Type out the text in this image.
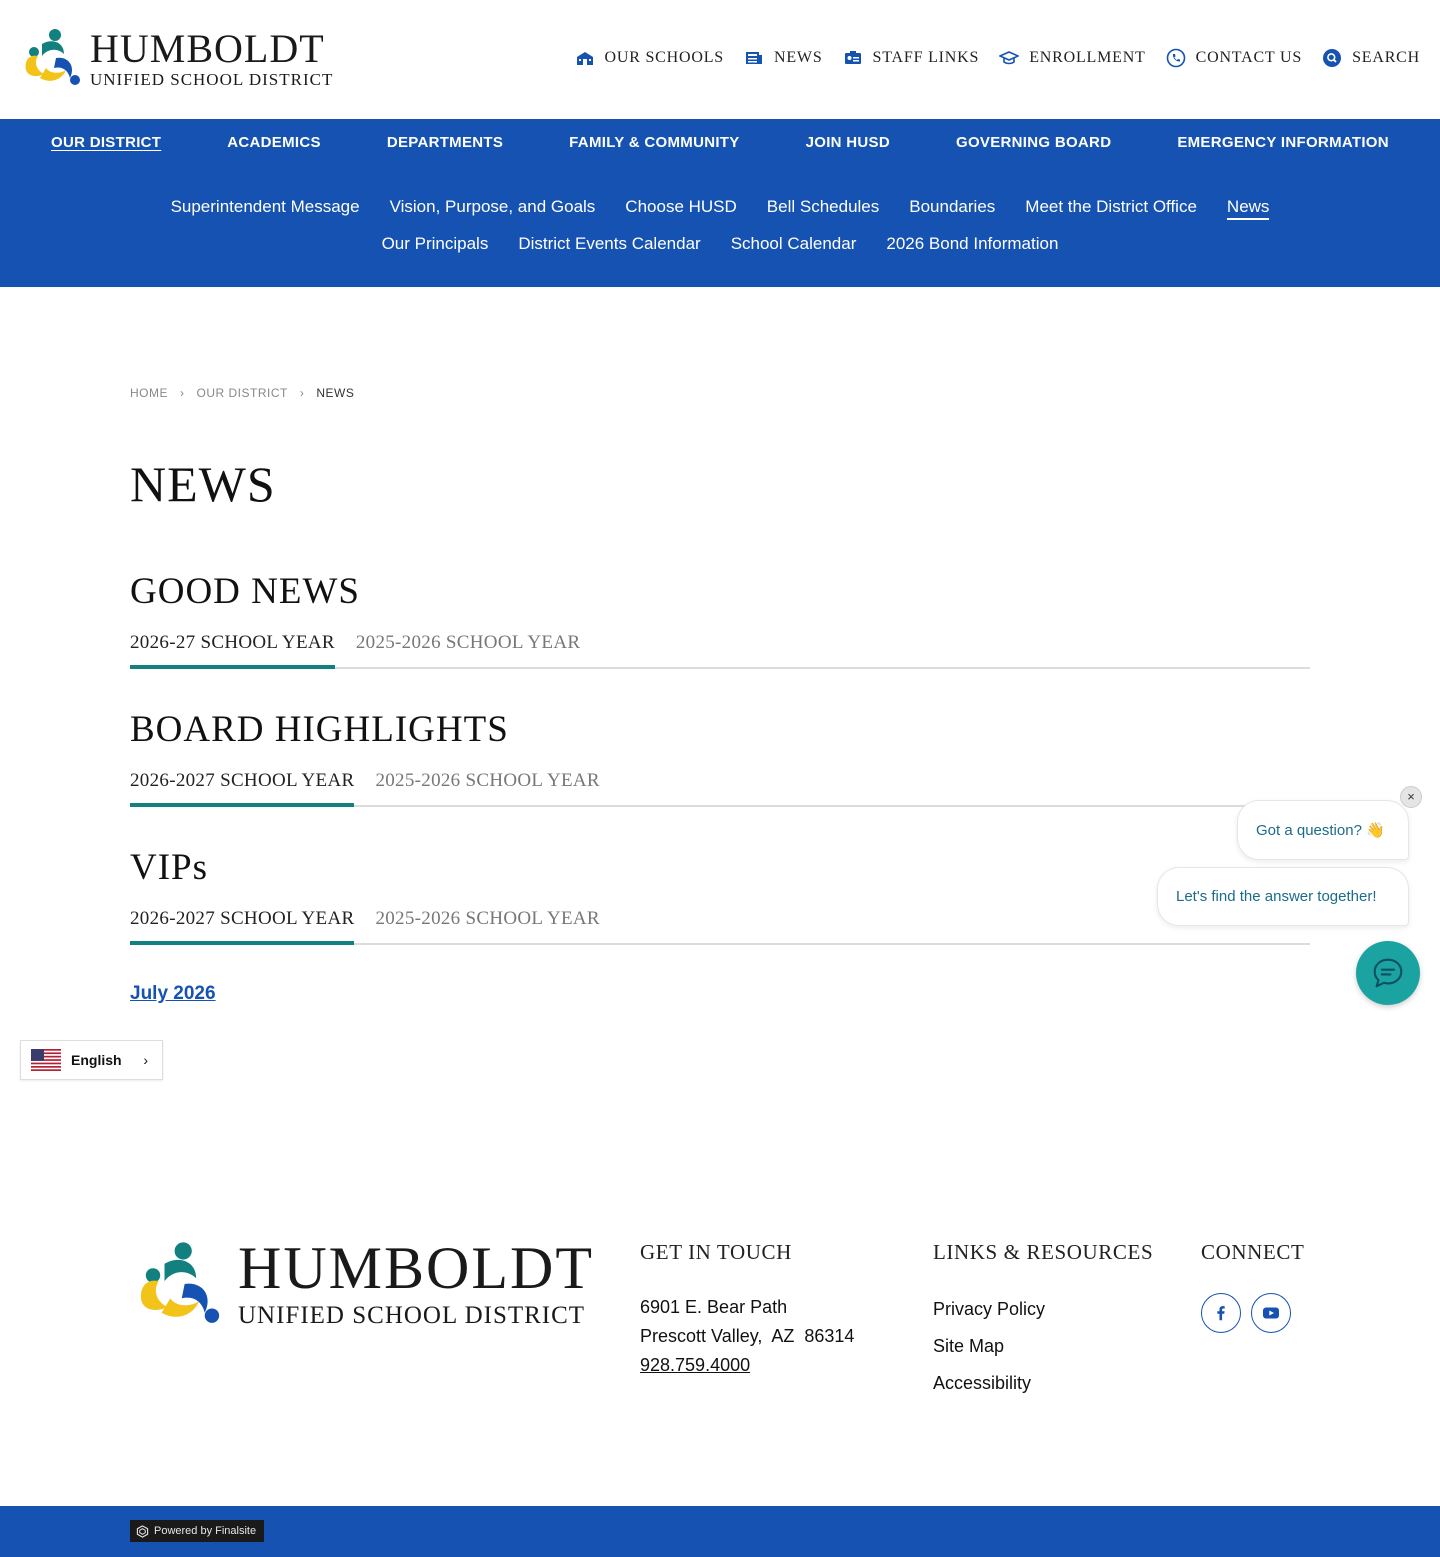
HUMBOLDT
UNIFIED SCHOOL DISTRICT
OUR SCHOOLS	NEWS	STAFF LINKS	ENROLLMENT	CONTACT US	SEARCH
OUR DISTRICT	ACADEMICS	DEPARTMENTS	FAMILY & COMMUNITY	JOIN HUSD	GOVERNING BOARD	EMERGENCY INFORMATION
Superintendent Message Vision, Purpose, and Goals Choose HUSD Bell Schedules Boundaries Meet the District Office News
Our Principals District Events Calendar School Calendar 2026 Bond Information
HOME › OUR DISTRICT › NEWS
NEWS
GOOD NEWS
2026-27 SCHOOL YEAR 2025-2026 SCHOOL YEAR
BOARD HIGHLIGHTS
2026-2027 SCHOOL YEAR 2025-2026 SCHOOL YEAR
VIPs
2026-2027 SCHOOL YEAR 2025-2026 SCHOOL YEAR
July 2026
English ›
×
Got a question? 👋
Let's find the answer together!
HUMBOLDT
UNIFIED SCHOOL DISTRICT
GET IN TOUCH
6901 E. Bear Path
Prescott Valley,  AZ  86314
928.759.4000
LINKS & RESOURCES
Privacy Policy
Site Map
Accessibility
CONNECT
Powered by Finalsite
